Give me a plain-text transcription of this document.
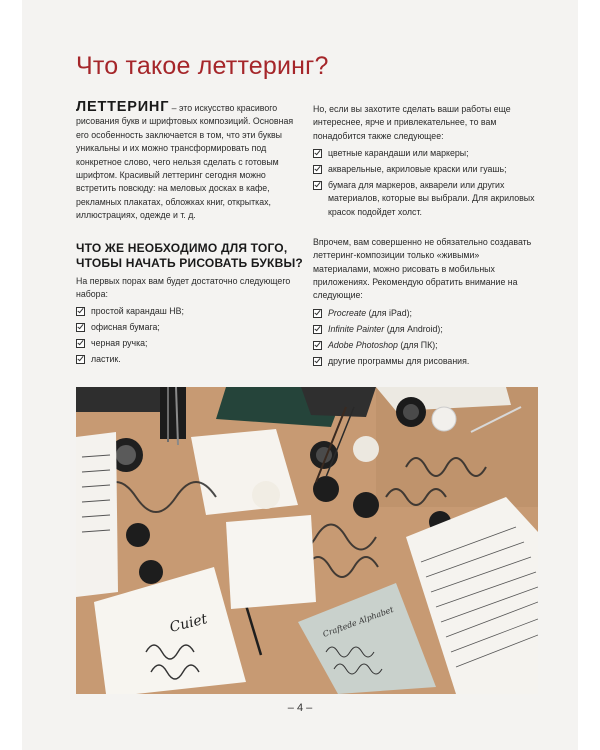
Что такое леттеринг?

ЛЕТТЕРИНГ – это искусство красивого рисования букв и шрифтовых композиций. Основная его особенность заключается в том, что эти буквы уникальны и их можно трансформировать под конкретное слово, чего нельзя сделать с готовым шрифтом. Красивый леттеринг сегодня можно встретить повсюду: на меловых досках в кафе, рекламных плакатах, обложках книг, открытках, иллюстрациях, одежде и т. д.

ЧТО ЖЕ НЕОБХОДИМО ДЛЯ ТОГО, ЧТОБЫ НАЧАТЬ РИСОВАТЬ БУКВЫ?

На первых порах вам будет достаточно следующего набора:

простой карандаш НВ;
офисная бумага;
черная ручка;
ластик.

Но, если вы захотите сделать ваши работы еще интереснее, ярче и привлекательнее, то вам понадобится также следующее:

цветные карандаши или маркеры;
акварельные, акриловые краски или гуашь;
бумага для маркеров, акварели или других материалов, которые вы выбрали. Для акриловых красок подойдет холст.

Впрочем, вам совершенно не обязательно создавать леттеринг-композиции только «живыми» материалами, можно рисовать в мобильных приложениях. Рекомендую обратить внимание на следующие:

Procreate (для iPad);
Infinite Painter (для Android);
Adobe Photoshop (для ПК);
другие программы для рисования.
Cuiet	Craftede Alphabet
– 4 –
